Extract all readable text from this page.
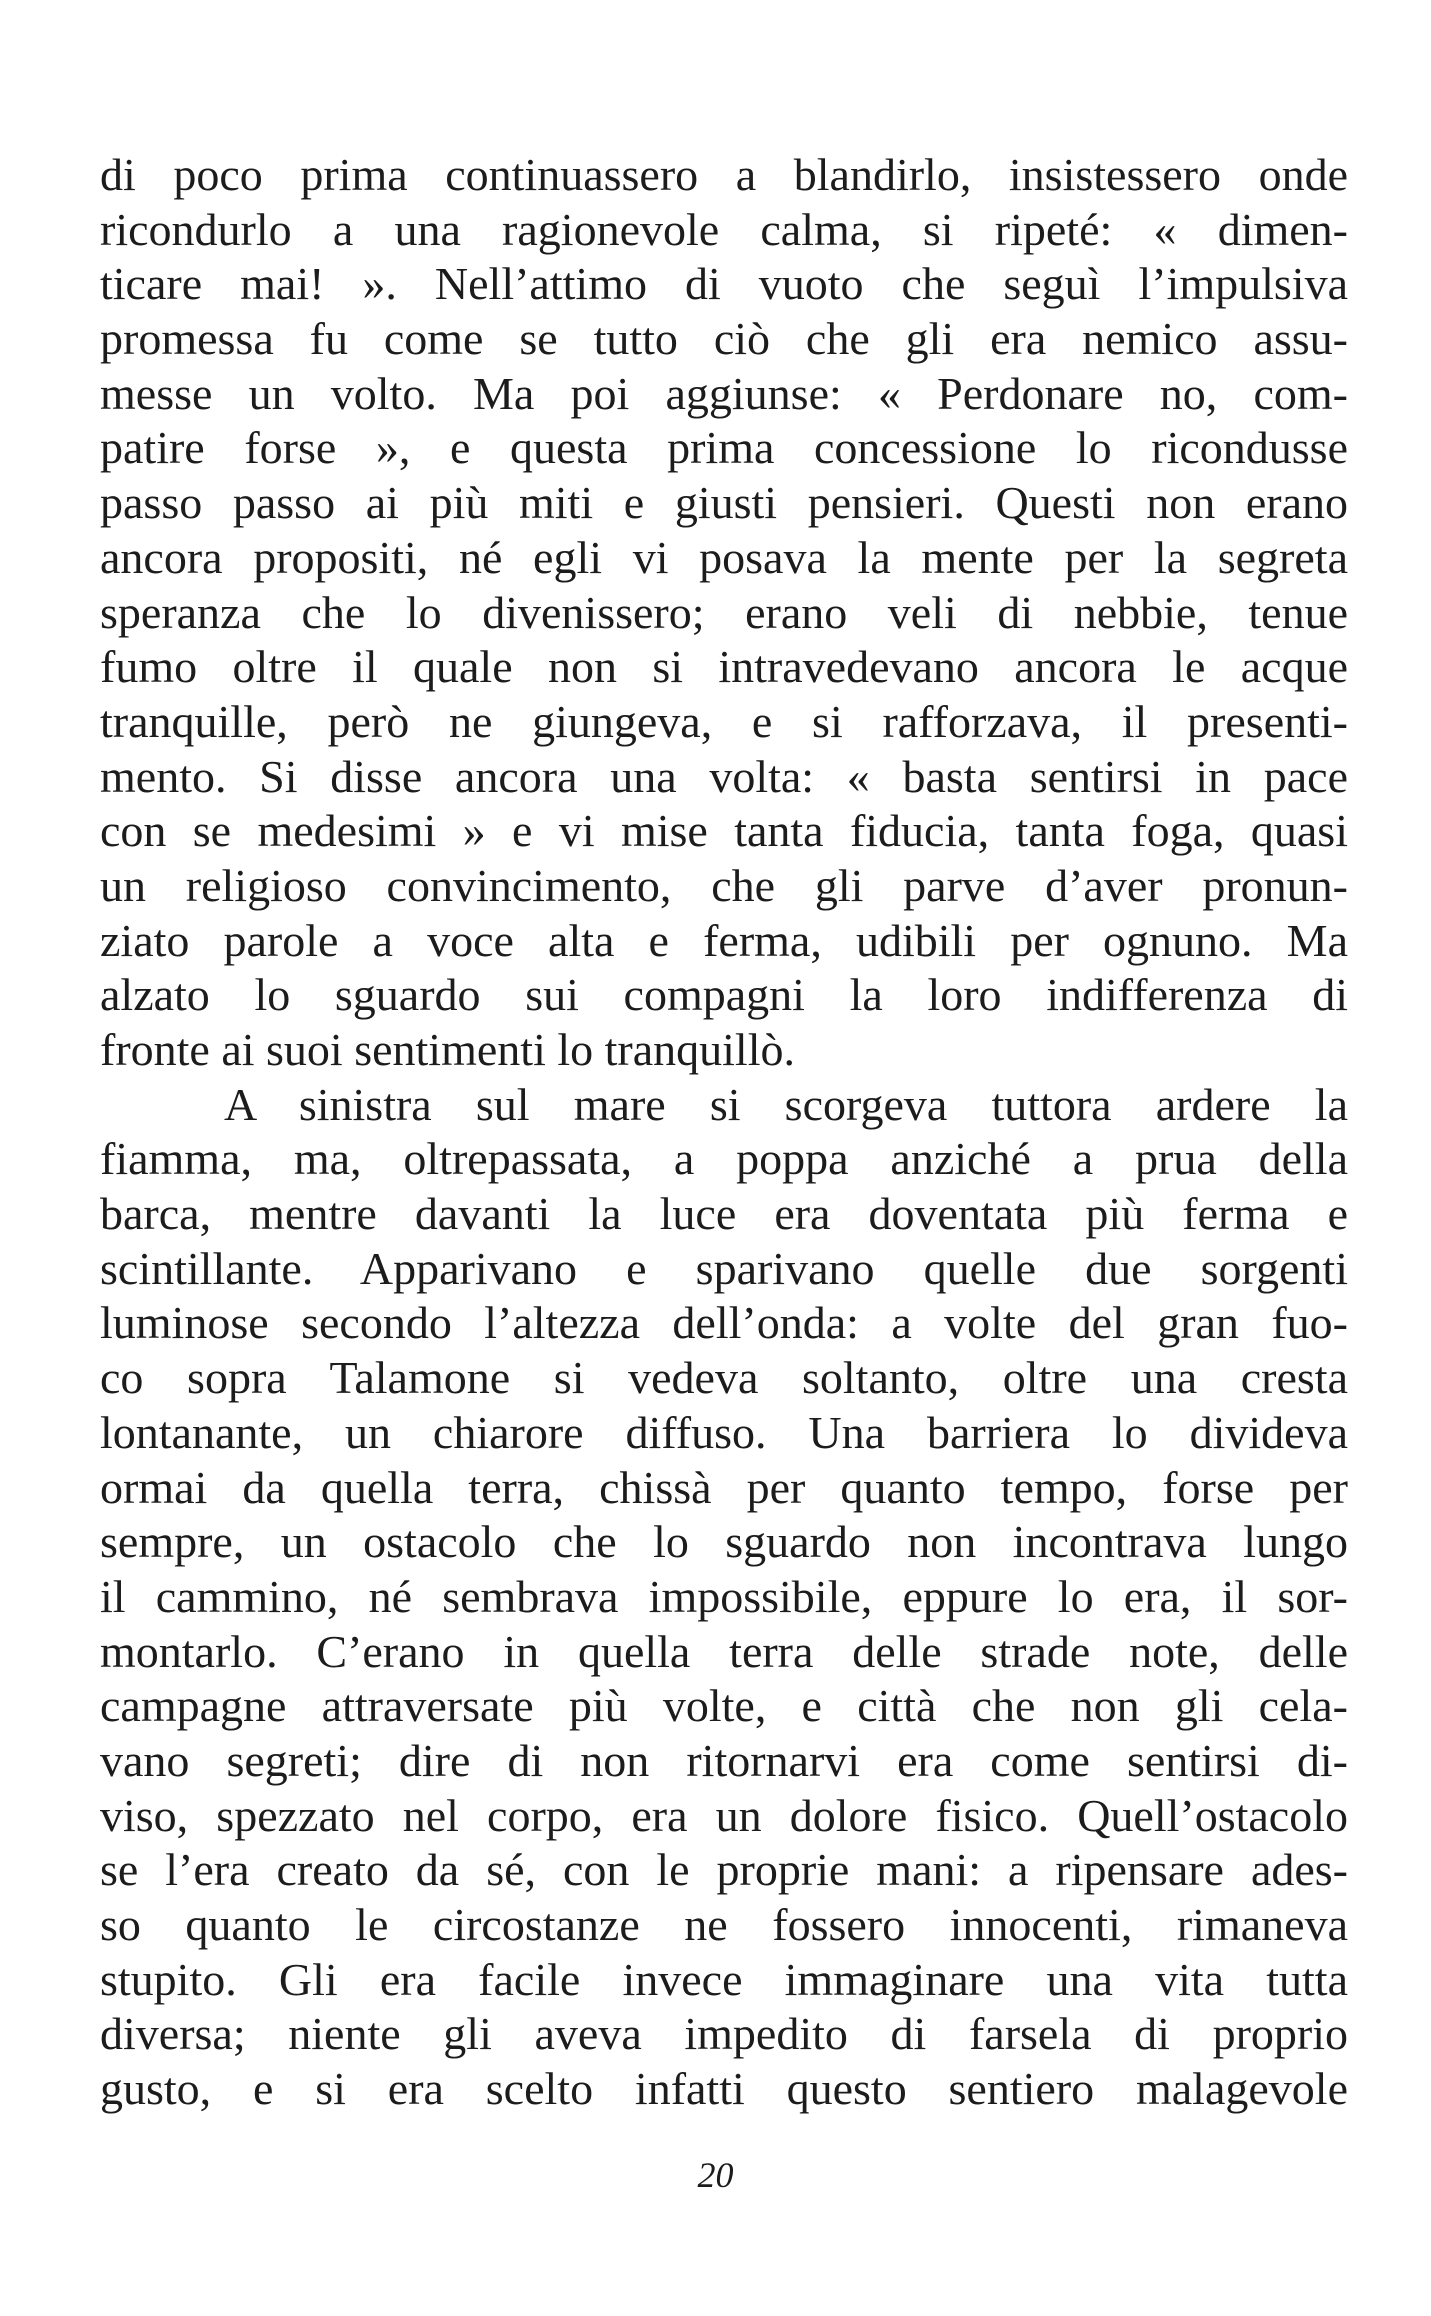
di poco prima continuassero a blandirlo, insistessero onde
ricondurlo a una ragionevole calma, si ripeté: « dimen-
ticare mai! ». Nell’attimo di vuoto che seguì l’impulsiva
promessa fu come se tutto ciò che gli era nemico assu-
messe un volto. Ma poi aggiunse: « Perdonare no, com-
patire forse », e questa prima concessione lo ricondusse
passo passo ai più miti e giusti pensieri. Questi non erano
ancora propositi, né egli vi posava la mente per la segreta
speranza che lo divenissero; erano veli di nebbie, tenue
fumo oltre il quale non si intravedevano ancora le acque
tranquille, però ne giungeva, e si rafforzava, il presenti-
mento. Si disse ancora una volta: « basta sentirsi in pace
con se medesimi » e vi mise tanta fiducia, tanta foga, quasi
un religioso convincimento, che gli parve d’aver pronun-
ziato parole a voce alta e ferma, udibili per ognuno. Ma
alzato lo sguardo sui compagni la loro indifferenza di
fronte ai suoi sentimenti lo tranquillò.
A sinistra sul mare si scorgeva tuttora ardere la
fiamma, ma, oltrepassata, a poppa anziché a prua della
barca, mentre davanti la luce era doventata più ferma e
scintillante. Apparivano e sparivano quelle due sorgenti
luminose secondo l’altezza dell’onda: a volte del gran fuo-
co sopra Talamone si vedeva soltanto, oltre una cresta
lontanante, un chiarore diffuso. Una barriera lo divideva
ormai da quella terra, chissà per quanto tempo, forse per
sempre, un ostacolo che lo sguardo non incontrava lungo
il cammino, né sembrava impossibile, eppure lo era, il sor-
montarlo. C’erano in quella terra delle strade note, delle
campagne attraversate più volte, e città che non gli cela-
vano segreti; dire di non ritornarvi era come sentirsi di-
viso, spezzato nel corpo, era un dolore fisico. Quell’ostacolo
se l’era creato da sé, con le proprie mani: a ripensare ades-
so quanto le circostanze ne fossero innocenti, rimaneva
stupito. Gli era facile invece immaginare una vita tutta
diversa; niente gli aveva impedito di farsela di proprio
gusto, e si era scelto infatti questo sentiero malagevole
20
